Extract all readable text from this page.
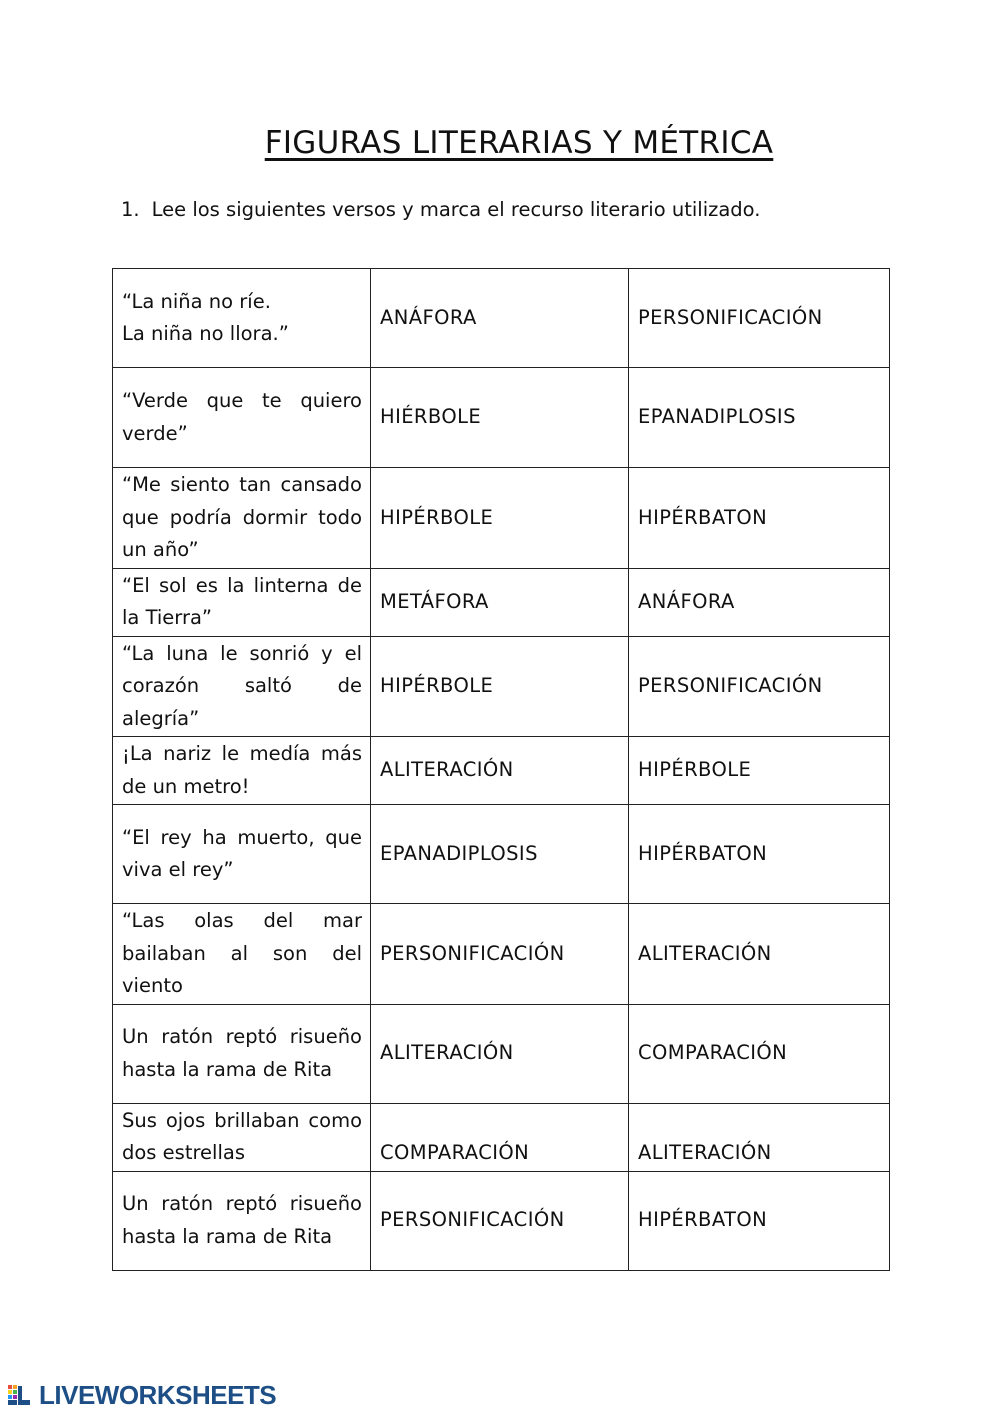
FIGURAS LITERARIAS Y MÉTRICA

1. Lee los siguientes versos y marca el recurso literario utilizado.

“La niña no ríe.
La niña no llora.”	ANÁFORA	PERSONIFICACIÓN
“Verde que te quiero verde”	HIÉRBOLE	EPANADIPLOSIS
“Me siento tan cansado que podría dormir todo un año”	HIPÉRBOLE	HIPÉRBATON
“El sol es la linterna de la Tierra”	METÁFORA	ANÁFORA
“La luna le sonrió y el corazón saltó de alegría”	HIPÉRBOLE	PERSONIFICACIÓN
¡La nariz le medía más de un metro!	ALITERACIÓN	HIPÉRBOLE
“El rey ha muerto, que viva el rey”	EPANADIPLOSIS	HIPÉRBATON
“Las olas del mar bailaban al son del viento	PERSONIFICACIÓN	ALITERACIÓN
Un ratón reptó risueño hasta la rama de Rita	ALITERACIÓN	COMPARACIÓN
Sus ojos brillaban como dos estrellas	COMPARACIÓN	ALITERACIÓN
Un ratón reptó risueño hasta la rama de Rita	PERSONIFICACIÓN	HIPÉRBATON
LIVEWORKSHEETS
